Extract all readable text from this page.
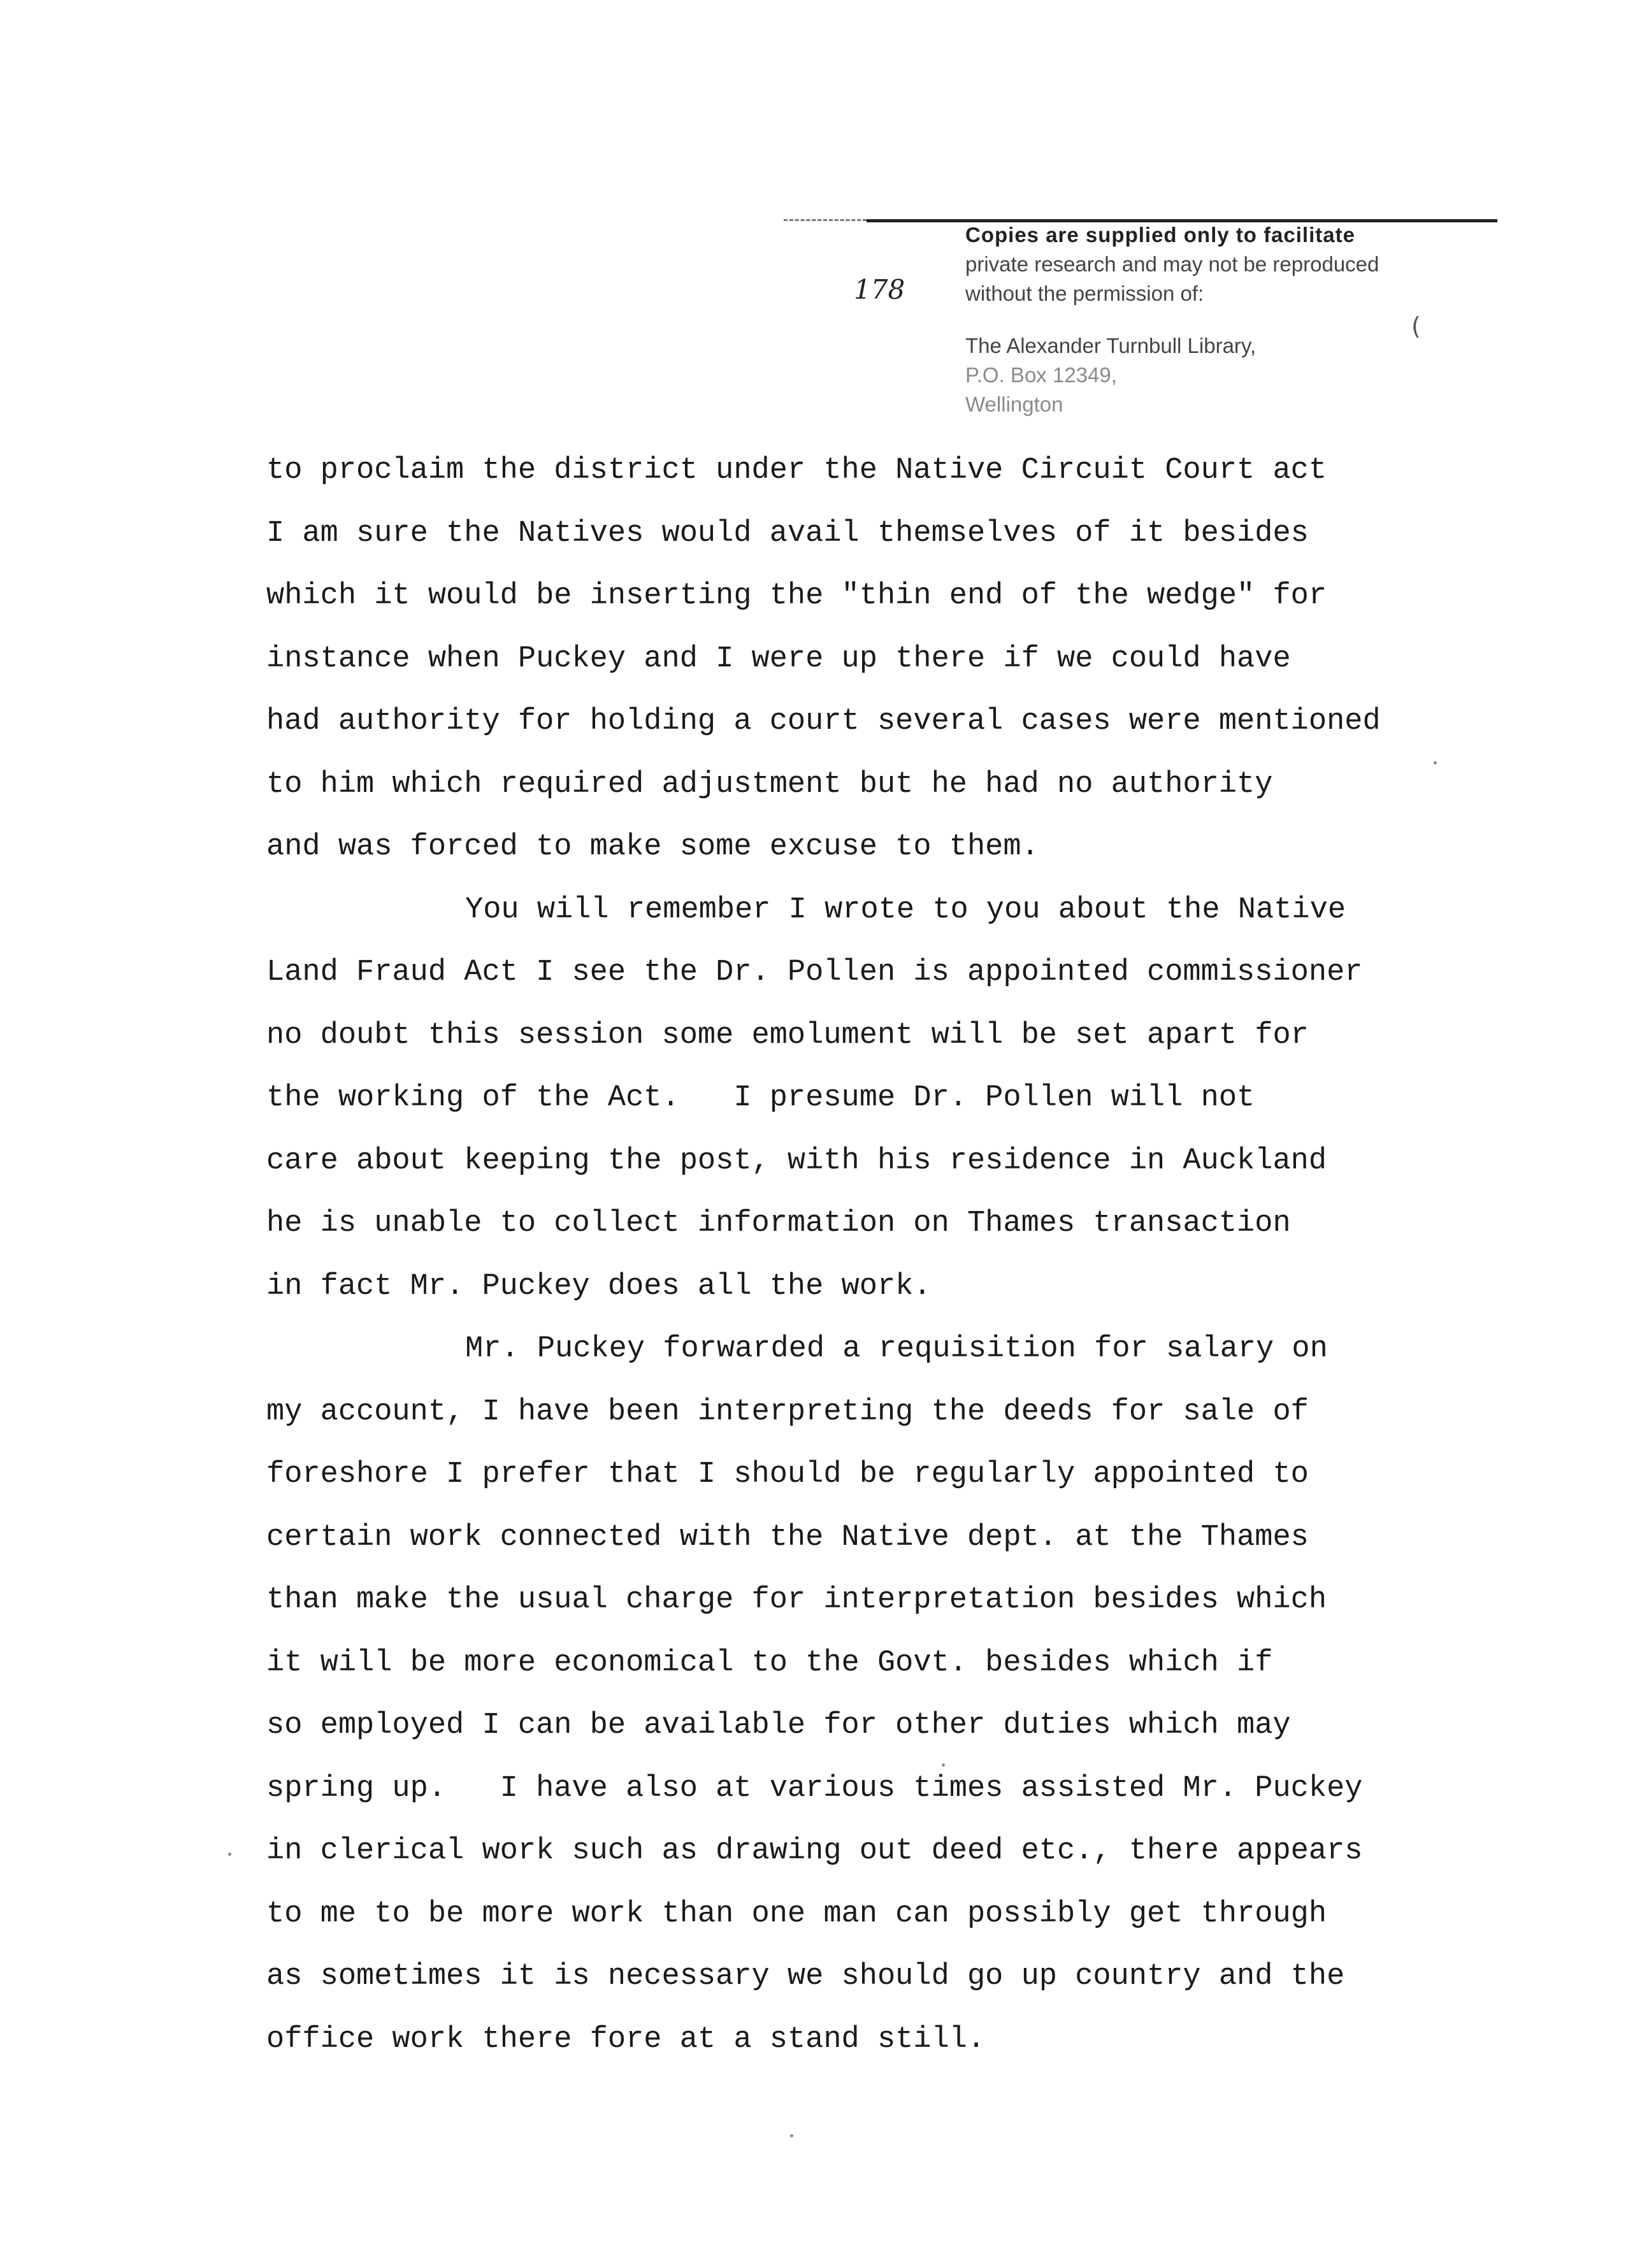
178
Copies are supplied only to facilitate
private research and may not be reproduced
without the permission of:
The Alexander Turnbull Library,
P.O. Box 12349,
Wellington
(
to proclaim the district under the Native Circuit Court act
I am sure the Natives would avail themselves of it besides
which it would be inserting the "thin end of the wedge" for
instance when Puckey and I were up there if we could have
had authority for holding a court several cases were mentioned
to him which required adjustment but he had no authority
and was forced to make some excuse to them.
You will remember I wrote to you about the Native
Land Fraud Act I see the Dr. Pollen is appointed commissioner
no doubt this session some emolument will be set apart for
the working of the Act.   I presume Dr. Pollen will not
care about keeping the post, with his residence in Auckland
he is unable to collect information on Thames transaction
in fact Mr. Puckey does all the work.
Mr. Puckey forwarded a requisition for salary on
my account, I have been interpreting the deeds for sale of
foreshore I prefer that I should be regularly appointed to
certain work connected with the Native dept. at the Thames
than make the usual charge for interpretation besides which
it will be more economical to the Govt. besides which if
so employed I can be available for other duties which may
spring up.   I have also at various times assisted Mr. Puckey
in clerical work such as drawing out deed etc., there appears
to me to be more work than one man can possibly get through
as sometimes it is necessary we should go up country and the
office work there fore at a stand still.
